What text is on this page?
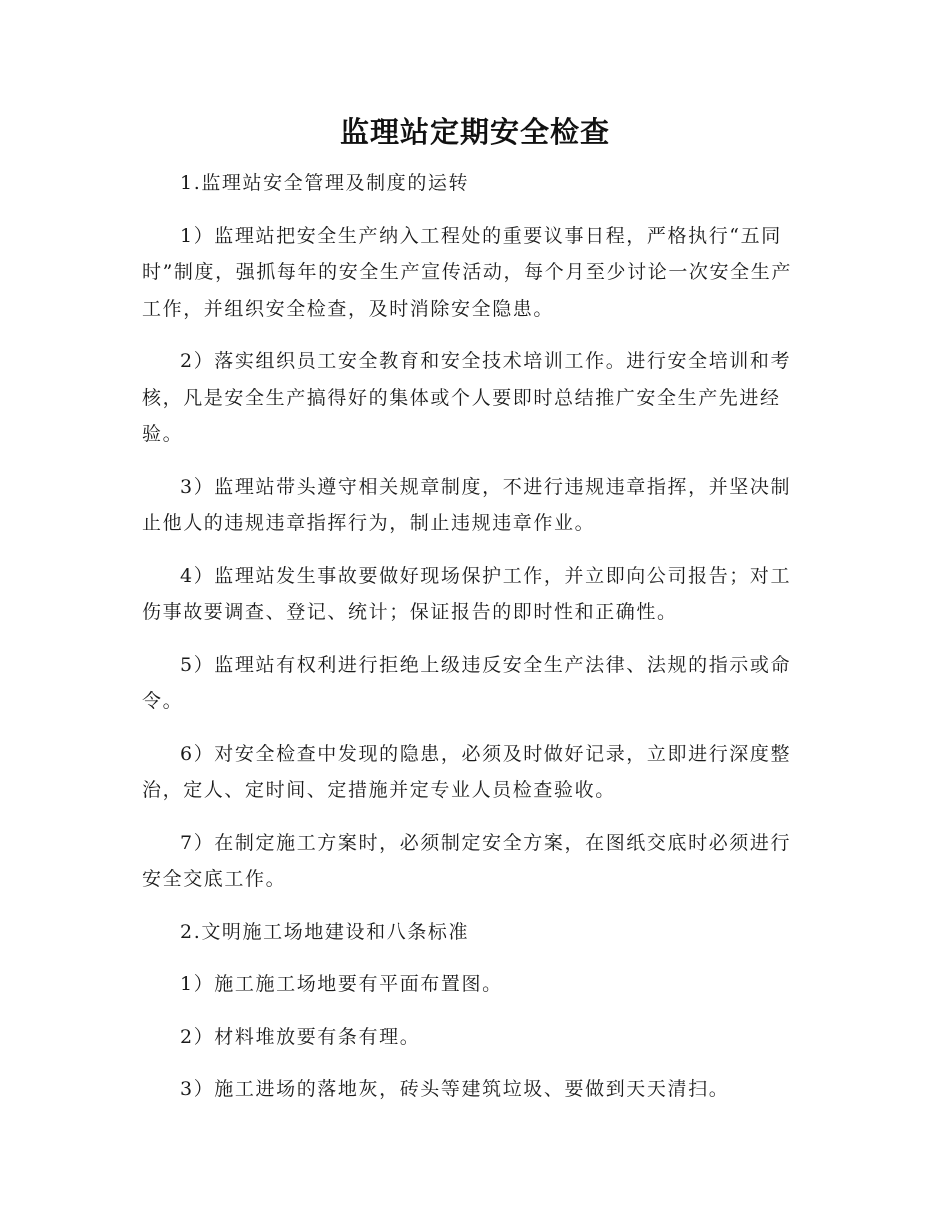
监理站定期安全检查

1.监理站安全管理及制度的运转

1）监理站把安全生产纳入工程处的重要议事日程，严格执行“五同时”制度，强抓每年的安全生产宣传活动，每个月至少讨论一次安全生产工作，并组织安全检查，及时消除安全隐患。

2）落实组织员工安全教育和安全技术培训工作。进行安全培训和考核，凡是安全生产搞得好的集体或个人要即时总结推广安全生产先进经验。

3）监理站带头遵守相关规章制度，不进行违规违章指挥，并坚决制止他人的违规违章指挥行为，制止违规违章作业。

4）监理站发生事故要做好现场保护工作，并立即向公司报告；对工伤事故要调查、登记、统计；保证报告的即时性和正确性。

5）监理站有权利进行拒绝上级违反安全生产法律、法规的指示或命令。

6）对安全检查中发现的隐患，必须及时做好记录，立即进行深度整治，定人、定时间、定措施并定专业人员检查验收。

7）在制定施工方案时，必须制定安全方案，在图纸交底时必须进行安全交底工作。

2.文明施工场地建设和八条标准

1）施工施工场地要有平面布置图。

2）材料堆放要有条有理。

3）施工进场的落地灰，砖头等建筑垃圾、要做到天天清扫。
